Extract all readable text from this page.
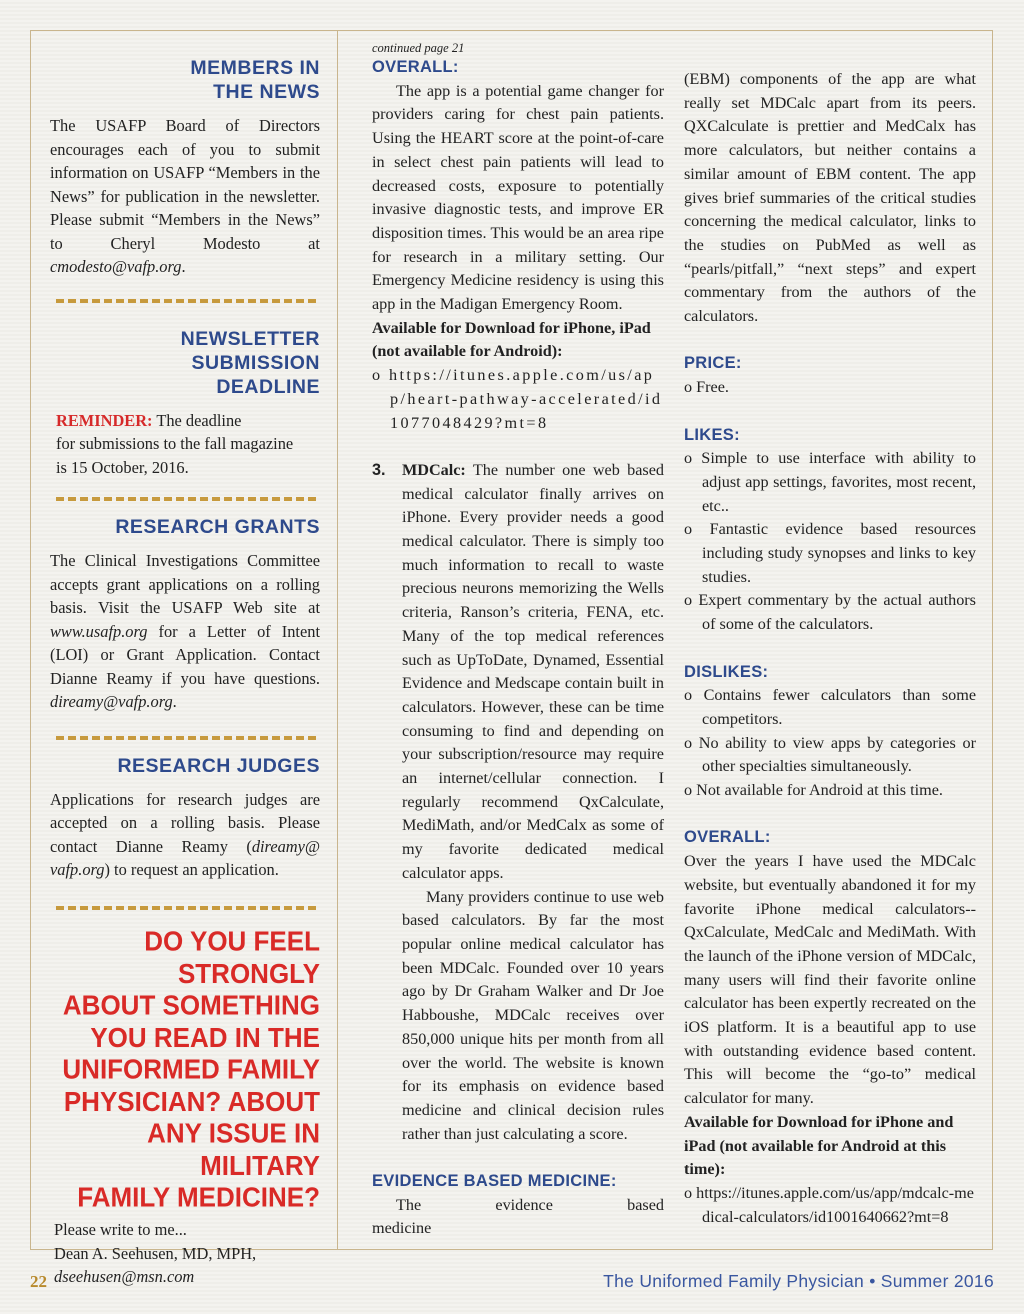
MEMBERS IN
THE NEWS

The USAFP Board of Directors encourages each of you to submit information on USAFP “Members in the News” for publication in the newsletter. Please submit “Members in the News” to Cheryl Modesto at cmodesto@vafp.org.

NEWSLETTER
SUBMISSION
DEADLINE

REMINDER: The deadline
for submissions to the fall magazine
is 15 October, 2016.

RESEARCH GRANTS

The Clinical Investigations Committee accepts grant applications on a rolling basis. Visit the USAFP Web site at www.usafp.org for a Letter of Intent (LOI) or Grant Application. Contact Dianne Reamy if you have questions. direamy@vafp.org.

RESEARCH JUDGES

Applications for research judges are accepted on a rolling basis. Please contact Dianne Reamy (direamy@ vafp.org) to request an application.

DO YOU FEEL STRONGLY
ABOUT SOMETHING
YOU READ IN THE
UNIFORMED FAMILY
PHYSICIAN? ABOUT
ANY ISSUE IN MILITARY
FAMILY MEDICINE?

Please write to me...
Dean A. Seehusen, MD, MPH,
dseehusen@msn.com

continued page 21

OVERALL:

The app is a potential game changer for providers caring for chest pain patients. Using the HEART score at the point-of-care in select chest pain patients will lead to decreased costs, exposure to potentially invasive diagnostic tests, and improve ER disposition times. This would be an area ripe for research in a military setting. Our Emergency Medicine residency is using this app in the Madigan Emergency Room.

Available for Download for iPhone, iPad (not available for Android):

o https://itunes.apple.com/us/app/heart-pathway-accelerated/id1077048429?mt=8

3. MDCalc: The number one web based medical calculator finally arrives on iPhone. Every provider needs a good medical calculator. There is simply too much information to recall to waste precious neurons memorizing the Wells criteria, Ranson’s criteria, FENA, etc. Many of the top medical references such as UpToDate, Dynamed, Essential Evidence and Medscape contain built in calculators. However, these can be time consuming to find and depending on your subscription/resource may require an internet/cellular connection. I regularly recommend QxCalculate, MediMath, and/or MedCalx as some of my favorite dedicated medical calculator apps.

Many providers continue to use web based calculators. By far the most popular online medical calculator has been MDCalc. Founded over 10 years ago by Dr Graham Walker and Dr Joe Habboushe, MDCalc receives over 850,000 unique hits per month from all over the world. The website is known for its emphasis on evidence based medicine and clinical decision rules rather than just calculating a score.

EVIDENCE BASED MEDICINE:

The evidence based medicine

(EBM) components of the app are what really set MDCalc apart from its peers. QXCalculate is prettier and MedCalx has more calculators, but neither contains a similar amount of EBM content. The app gives brief summaries of the critical studies concerning the medical calculator, links to the studies on PubMed as well as “pearls/pitfall,” “next steps” and expert commentary from the authors of the calculators.

PRICE:

o Free.

LIKES:

o Simple to use interface with ability to adjust app settings, favorites, most recent, etc..

o Fantastic evidence based resources including study synopses and links to key studies.

o Expert commentary by the actual authors of some of the calculators.

DISLIKES:

o Contains fewer calculators than some competitors.

o No ability to view apps by categories or other specialties simultaneously.

o Not available for Android at this time.

OVERALL:

Over the years I have used the MDCalc website, but eventually abandoned it for my favorite iPhone medical calculators--QxCalculate, MedCalc and MediMath. With the launch of the iPhone version of MDCalc, many users will find their favorite online calculator has been expertly recreated on the iOS platform. It is a beautiful app to use with outstanding evidence based content. This will become the “go-to” medical calculator for many.

Available for Download for iPhone and iPad (not available for Android at this time):

o https://itunes.apple.com/us/app/mdcalc-medical-calculators/id1001640662?mt=8

22	The Uniformed Family Physician • Summer 2016
